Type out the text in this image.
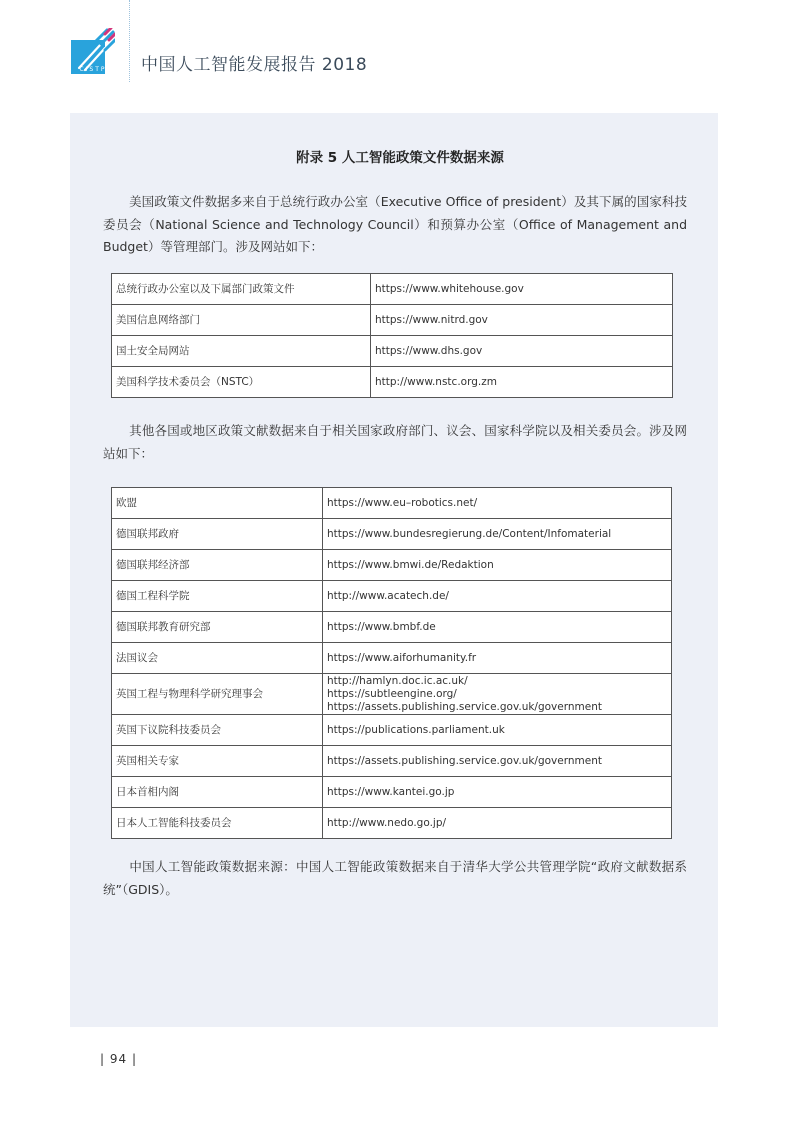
CISTP	中国人工智能发展报告 2018
附录 5 人工智能政策文件数据来源
美国政策文件数据多来自于总统行政办公室（Executive Office of president）及其下属的国家科技委员会（National Science and Technology Council）和预算办公室（Office of Management and Budget）等管理部门。涉及网站如下：
总统行政办公室以及下属部门政策文件	https://www.whitehouse.gov
美国信息网络部门	https://www.nitrd.gov
国土安全局网站	https://www.dhs.gov
美国科学技术委员会（NSTC）	http://www.nstc.org.zm
其他各国或地区政策文献数据来自于相关国家政府部门、议会、国家科学院以及相关委员会。涉及网站如下：
欧盟	https://www.eu–robotics.net/
德国联邦政府	https://www.bundesregierung.de/Content/Infomaterial
德国联邦经济部	https://www.bmwi.de/Redaktion
德国工程科学院	http://www.acatech.de/
德国联邦教育研究部	https://www.bmbf.de
法国议会	https://www.aiforhumanity.fr
英国工程与物理科学研究理事会	http://hamlyn.doc.ic.ac.uk/
https://subtleengine.org/
https://assets.publishing.service.gov.uk/government

英国下议院科技委员会	https://publications.parliament.uk
英国相关专家	https://assets.publishing.service.gov.uk/government
日本首相内阁	https://www.kantei.go.jp
日本人工智能科技委员会	http://www.nedo.go.jp/
中国人工智能政策数据来源：中国人工智能政策数据来自于清华大学公共管理学院“政府文献数据系统”（GDIS）。
| 94 |
